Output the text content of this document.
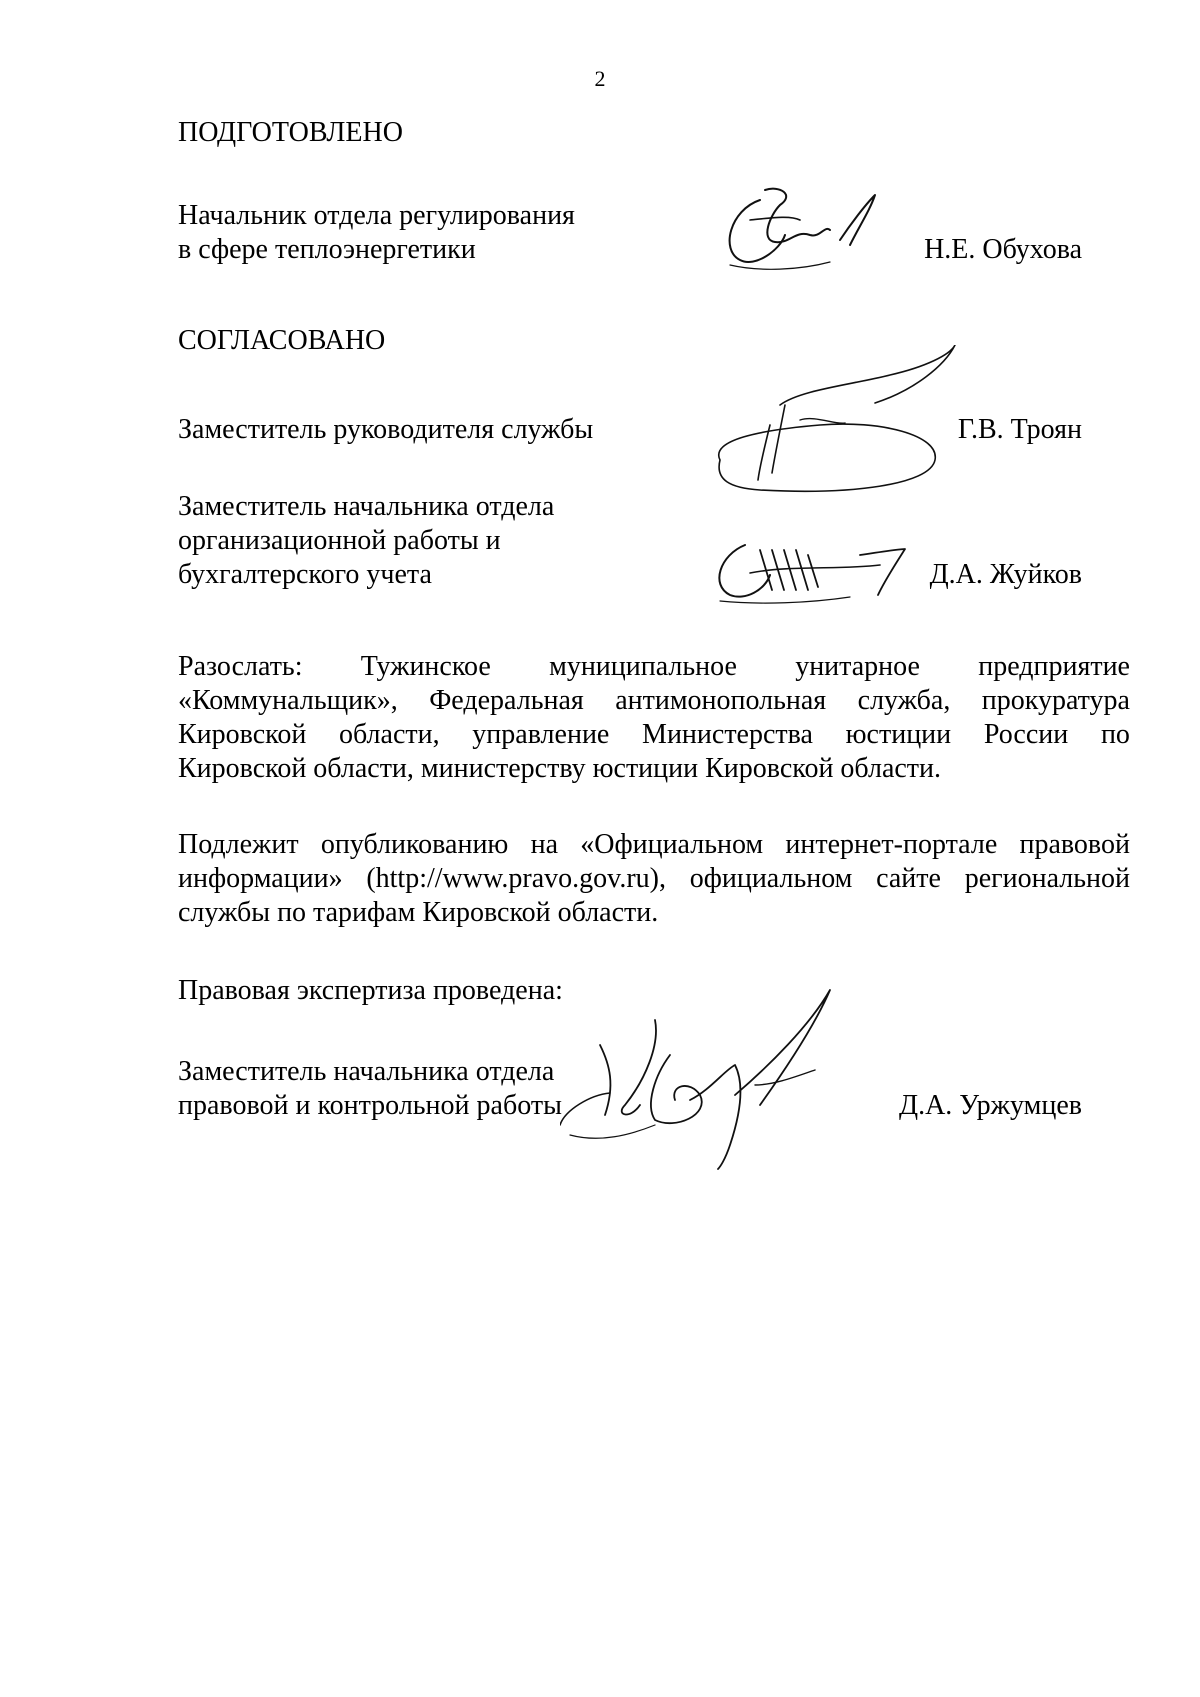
2
ПОДГОТОВЛЕНО
Начальник отдела регулирования
в сфере теплоэнергетики	Н.Е. Обухова
СОГЛАСОВАНО
Заместитель руководителя службы	Г.В. Троян
Заместитель начальника отдела
организационной работы и
бухгалтерского учета	Д.А. Жуйков
Разослать: Тужинское муниципальное унитарное предприятие
«Коммунальщик», Федеральная антимонопольная служба, прокуратура
Кировской области, управление Министерства юстиции России по
Кировской области, министерству юстиции Кировской области.
Подлежит опубликованию на «Официальном интернет-портале правовой
информации» (http://www.pravo.gov.ru), официальном сайте региональной
службы по тарифам Кировской области.
Правовая экспертиза проведена:
Заместитель начальника отдела
правовой и контрольной работы	Д.А. Уржумцев
